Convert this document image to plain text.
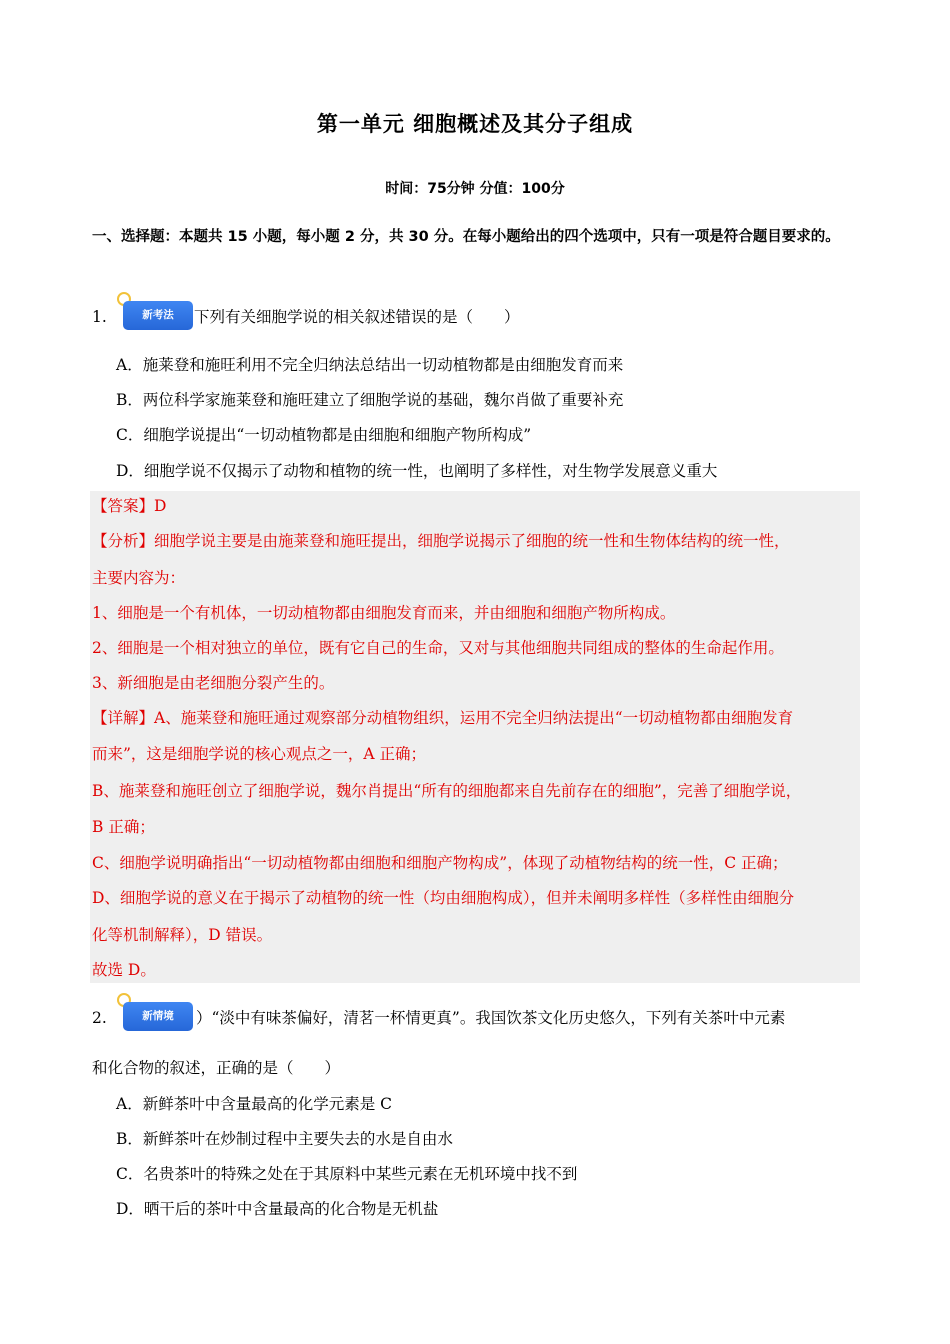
第一单元 细胞概述及其分子组成
时间：75分钟 分值：100分
一、选择题：本题共 15 小题，每小题 2 分，共 30 分。在每小题给出的四个选项中，只有一项是符合题目要求的。
1.	新考法	下列有关细胞学说的相关叙述错误的是（　　）
A．施莱登和施旺利用不完全归纳法总结出一切动植物都是由细胞发育而来
B．两位科学家施莱登和施旺建立了细胞学说的基础，魏尔肖做了重要补充
C．细胞学说提出“一切动植物都是由细胞和细胞产物所构成”
D．细胞学说不仅揭示了动物和植物的统一性，也阐明了多样性，对生物学发展意义重大
【答案】D
【分析】细胞学说主要是由施莱登和施旺提出，细胞学说揭示了细胞的统一性和生物体结构的统一性，
主要内容为：
1、细胞是一个有机体，一切动植物都由细胞发育而来，并由细胞和细胞产物所构成。
2、细胞是一个相对独立的单位，既有它自己的生命，又对与其他细胞共同组成的整体的生命起作用。
3、新细胞是由老细胞分裂产生的。
【详解】A、施莱登和施旺通过观察部分动植物组织，运用不完全归纳法提出“一切动植物都由细胞发育
而来”，这是细胞学说的核心观点之一，A 正确；
B、施莱登和施旺创立了细胞学说，魏尔肖提出“所有的细胞都来自先前存在的细胞”，完善了细胞学说，
B 正确；
C、细胞学说明确指出“一切动植物都由细胞和细胞产物构成”，体现了动植物结构的统一性，C 正确；
D、细胞学说的意义在于揭示了动植物的统一性（均由细胞构成），但并未阐明多样性（多样性由细胞分
化等机制解释），D 错误。
故选 D。
2.	新情境	）“淡中有味茶偏好，清茗一杯情更真”。我国饮茶文化历史悠久，下列有关茶叶中元素
和化合物的叙述，正确的是（　　）
A．新鲜茶叶中含量最高的化学元素是 C
B．新鲜茶叶在炒制过程中主要失去的水是自由水
C．名贵茶叶的特殊之处在于其原料中某些元素在无机环境中找不到
D．晒干后的茶叶中含量最高的化合物是无机盐
